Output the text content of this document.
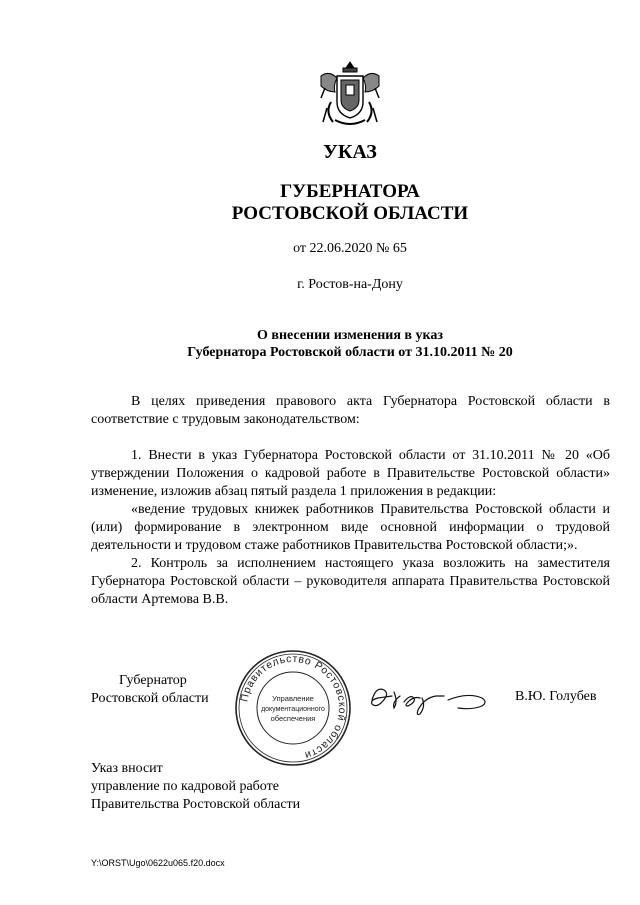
УКАЗ
ГУБЕРНАТОРА
РОСТОВСКОЙ ОБЛАСТИ
от 22.06.2020 № 65
г. Ростов-на-Дону
О внесении изменения в указ
Губернатора Ростовской области от 31.10.2011 № 20

В целях приведения правового акта Губернатора Ростовской области в соответствие с трудовым законодательством:

1. Внести в указ Губернатора Ростовской области от 31.10.2011 № 20 «Об утверждении Положения о кадровой работе в Правительстве Ростовской области» изменение, изложив абзац пятый раздела 1 приложения в редакции:

«ведение трудовых книжек работников Правительства Ростовской области и (или) формирование в электронном виде основной информации о трудовой деятельности и трудовом стаже работников Правительства Ростовской области;».

2. Контроль за исполнением настоящего указа возложить на заместителя Губернатора Ростовской области – руководителя аппарата Правительства Ростовской области Артемова В.В.

Губернатор
Ростовской области	Правительство Ростовской области
Управление
документационного
обеспечения
В.Ю. Голубев
Указ вносит
управление по кадровой работе
Правительства Ростовской области
Y:\ORST\Ugo\0622u065.f20.docx
